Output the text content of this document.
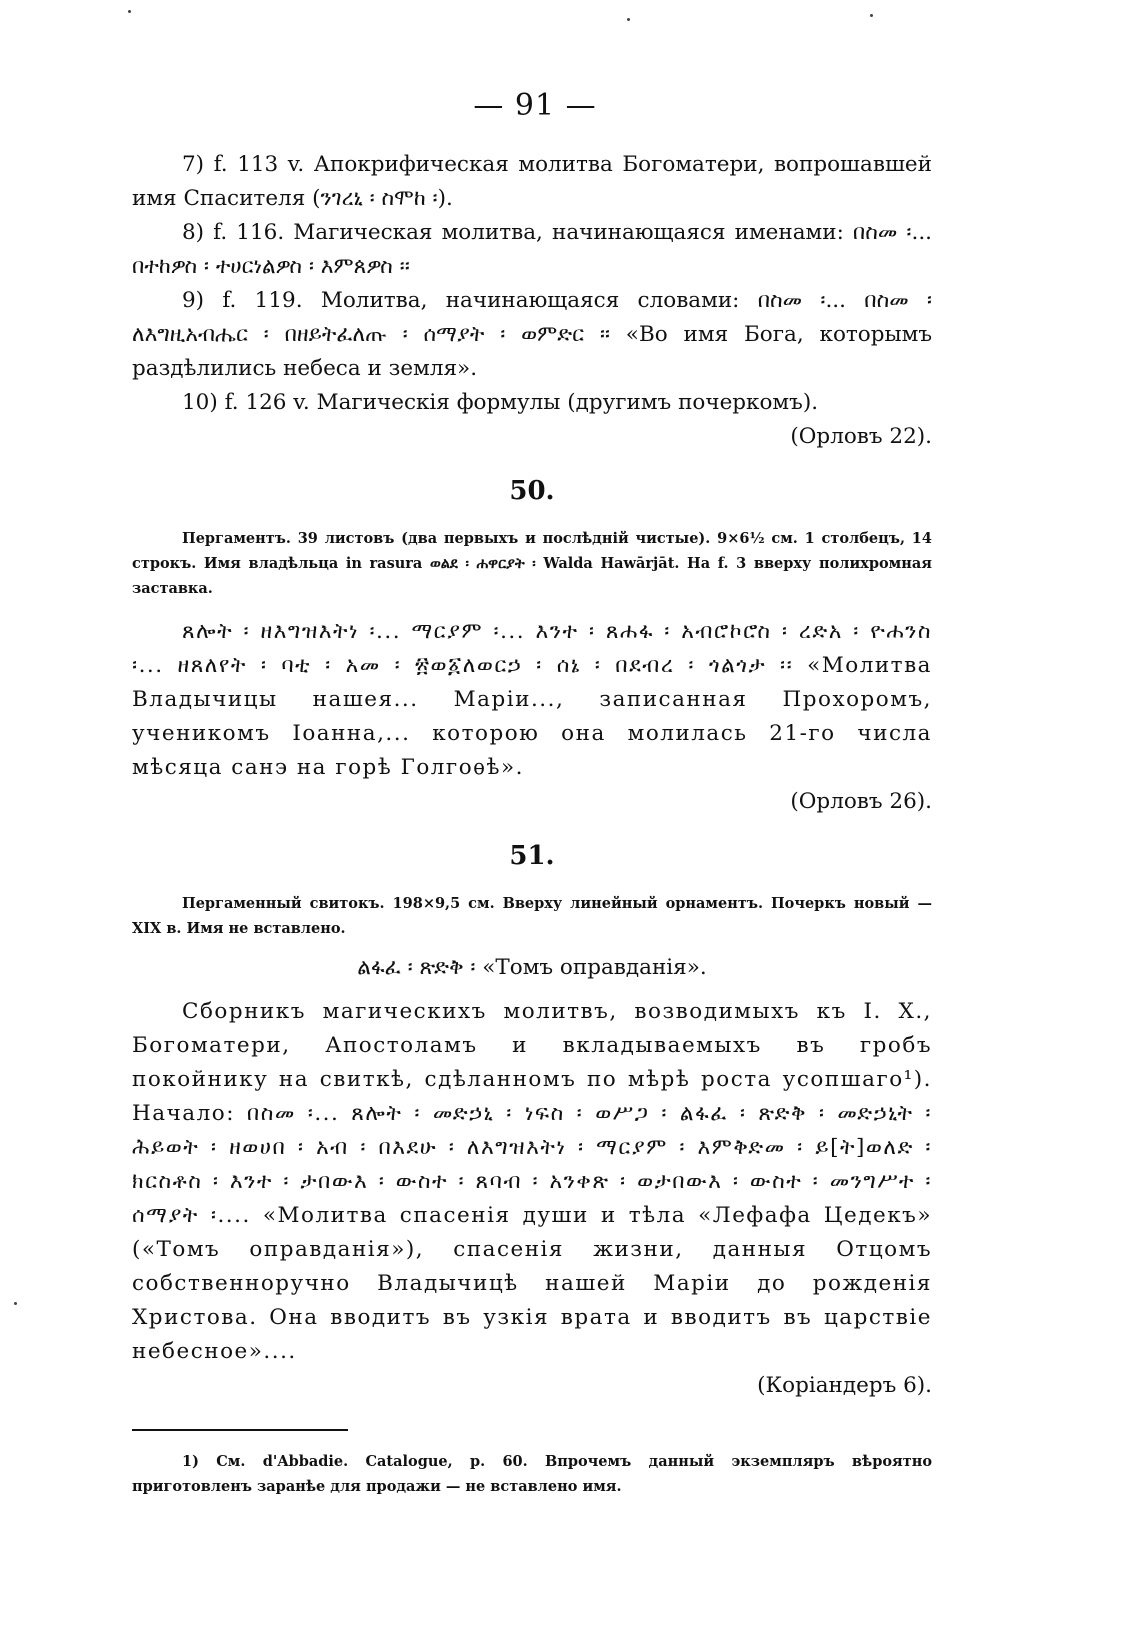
— 91 —

7) f. 113 v. Апокрифическая молитва Богоматери, вопрошавшей имя Спасителя (ንገረኒ ፡ ስሞከ ፡).

8) f. 116. Магическая молитва, начинающаяся именами: በስመ ፡... በተከዎስ ፡ ተሀርነልዎስ ፡ እምጰዎስ ፡፡

9) f. 119. Молитва, начинающаяся словами: በስመ ፡... በስመ ፡ ለእግዚአብሔር ፡ በዘይትፈለጡ ፡ ሰማያት ፡ ወምድር ፡፡ «Во имя Бога, которымъ раздѣлились небеса и земля».

10) f. 126 v. Магическія формулы (другимъ почеркомъ).

(Орловъ 22).

50.

Пергаментъ. 39 листовъ (два первыхъ и послѣдній чистые). 9×6½ см. 1 столбецъ, 14 строкъ. Имя владѣльца in rasura ወልደ ፡ ሐዋርያት ፡ Walda Hawārjāt. На f. 3 вверху полихромная заставка.

ጸሎት ፡ ዘእግዝእትነ ፡... ማርያም ፡... እንተ ፡ ጸሐፋ ፡ አብሮኮሮስ ፡ ረድአ ፡ ዮሐንስ ፡... ዘጸለየት ፡ ባቲ ፡ አመ ፡ ፳ወ፩ለወርኃ ፡ ሰኔ ፡ በደብረ ፡ ጎልጎታ ፡፡ «Молитва Владычицы нашея... Маріи..., записанная Прохоромъ, ученикомъ Іоанна,... которою она молилась 21-го числа мѣсяца санэ на горѣ Голгоѳѣ».

(Орловъ 26).

51.

Пергаменный свитокъ. 198×9,5 см. Вверху линейный орнаментъ. Почеркъ новый — XIX в. Имя не вставлено.

ልፋፈ ፡ ጽድቅ ፡ «Томъ оправданія».

Сборникъ магическихъ молитвъ, возводимыхъ къ I. X., Богоматери, Апостоламъ и вкладываемыхъ въ гробъ покойнику на свиткѣ, сдѣланномъ по мѣрѣ роста усопшаго¹). Начало: በስመ ፡... ጸሎት ፡ መድኃኒ ፡ ነፍስ ፡ ወሥጋ ፡ ልፋፈ ፡ ጽድቅ ፡ መድኃኒት ፡ ሕይወት ፡ ዘወሀበ ፡ አብ ፡ በእደሁ ፡ ለእግዝእትነ ፡ ማርያም ፡ እምቅድመ ፡ ይ[ት]ወለድ ፡ ክርስቶስ ፡ እንተ ፡ ታበውእ ፡ ውስተ ፡ ጸባብ ፡ አንቀጽ ፡ ወታበውእ ፡ ውስተ ፡ መንግሥተ ፡ ሰማያት ፡.... «Молитва спасенія души и тѣла «Лефафа Цедекъ» («Томъ оправданія»), спасенія жизни, данныя Отцомъ собственноручно Владычицѣ нашей Маріи до рожденія Христова. Она вводитъ въ узкія врата и вводитъ въ царствіе небесное»....

(Коріандеръ 6).

1) См. d'Abbadie. Catalogue, p. 60. Впрочемъ данный экземпляръ вѣроятно приготовленъ заранѣе для продажи — не вставлено имя.
